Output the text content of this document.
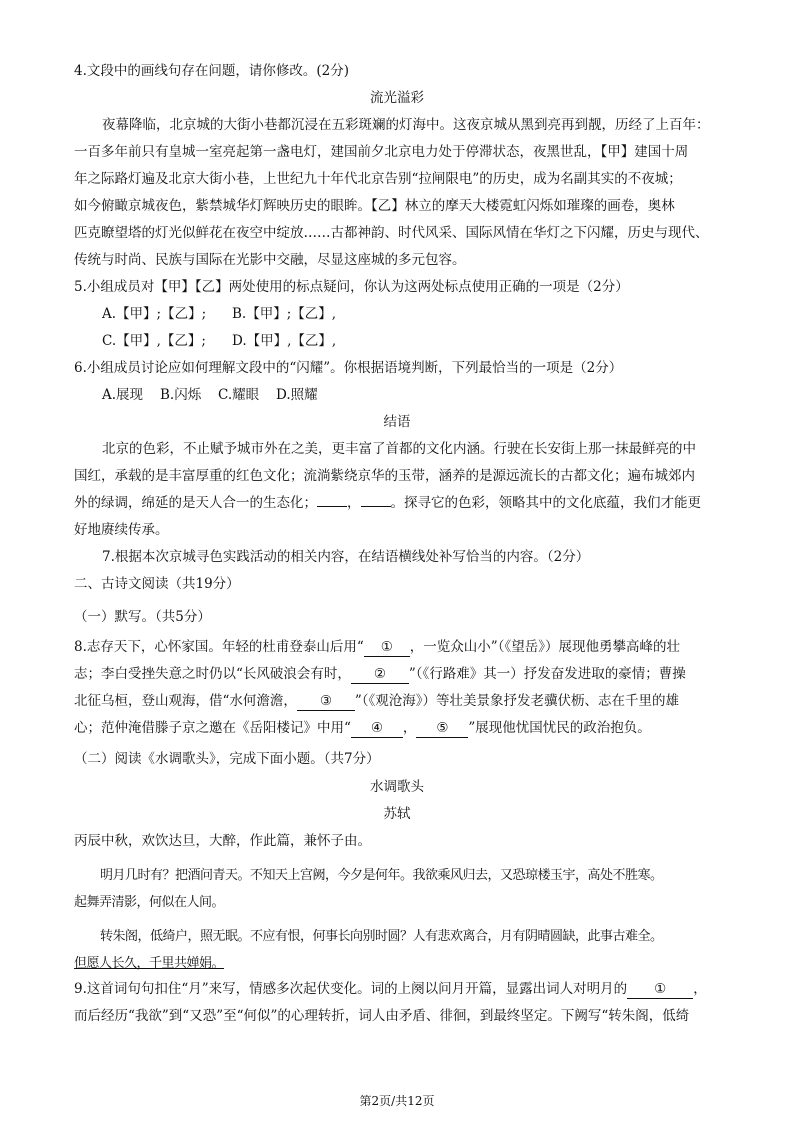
4.文段中的画线句存在问题，请你修改。(2分)
流光溢彩
夜幕降临，北京城的大街小巷都沉浸在五彩斑斓的灯海中。这夜京城从黑到亮再到靓，历经了上百年：
一百多年前只有皇城一室亮起第一盏电灯，建国前夕北京电力处于停滞状态，夜黑世乱，【甲】建国十周
年之际路灯遍及北京大街小巷，上世纪九十年代北京告别“拉闸限电”的历史，成为名副其实的不夜城；
如今俯瞰京城夜色，紫禁城华灯辉映历史的眼眸。【乙】林立的摩天大楼霓虹闪烁如璀璨的画卷，奥林
匹克瞭望塔的灯光似鲜花在夜空中绽放……古都神韵、时代风采、国际风情在华灯之下闪耀，历史与现代、
传统与时尚、民族与国际在光影中交融，尽显这座城的多元包容。
5.小组成员对【甲】【乙】两处使用的标点疑问，你认为这两处标点使用正确的一项是（2分）
A.【甲】;【乙】; B.【甲】;【乙】,
C.【甲】,【乙】; D.【甲】,【乙】,
6.小组成员讨论应如何理解文段中的“闪耀”。你根据语境判断，下列最恰当的一项是（2分）
A.展现 B.闪烁 C.耀眼 D.照耀
结语
北京的色彩，不止赋予城市外在之美，更丰富了首都的文化内涵。行驶在长安街上那一抹最鲜亮的中
国红，承载的是丰富厚重的红色文化；流淌紫绕京华的玉带，涵养的是源远流长的古都文化；遍布城郊内
外的绿调，绵延的是天人合一的生态化； ， 。探寻它的色彩，领略其中的文化底蕴，我们才能更
好地赓续传承。
7.根据本次京城寻色实践活动的相关内容，在结语横线处补写恰当的内容。（2分）
二、古诗文阅读（共19分）
（一）默写。（共5分）
8.志存天下，心怀家国。年轻的杜甫登泰山后用“ ① ，一览众山小”（《望岳》）展现他勇攀高峰的壮
志；李白受挫失意之时仍以“长风破浪会有时， ② ”（《行路难》其一）抒发奋发进取的豪情；曹操
北征乌桓，登山观海，借“水何澹澹， ③ ”（《观沧海》）等壮美景象抒发老骥伏枥、志在千里的雄
心；范仲淹借滕子京之邀在《岳阳楼记》中用“ ④ ， ⑤ ”展现他忧国忧民的政治抱负。
（二）阅读《水调歌头》，完成下面小题。（共7分）
水调歌头
苏轼
丙辰中秋，欢饮达旦，大醉，作此篇，兼怀子由。
明月几时有？把酒问青天。不知天上宫阙，今夕是何年。我欲乘风归去，又恐琼楼玉宇，高处不胜寒。
起舞弄清影，何似在人间。
转朱阁，低绮户，照无眠。不应有恨，何事长向别时圆？人有悲欢离合，月有阴晴圆缺，此事古难全。
但愿人长久，千里共婵娟。
9.这首词句句扣住“月”来写，情感多次起伏变化。词的上阕以问月开篇，显露出词人对明月的 ① ，
而后经历“我欲”到“又恐”至“何似”的心理转折，词人由矛盾、徘徊，到最终坚定。下阙写“转朱阁，低绮
第2页/共12页
